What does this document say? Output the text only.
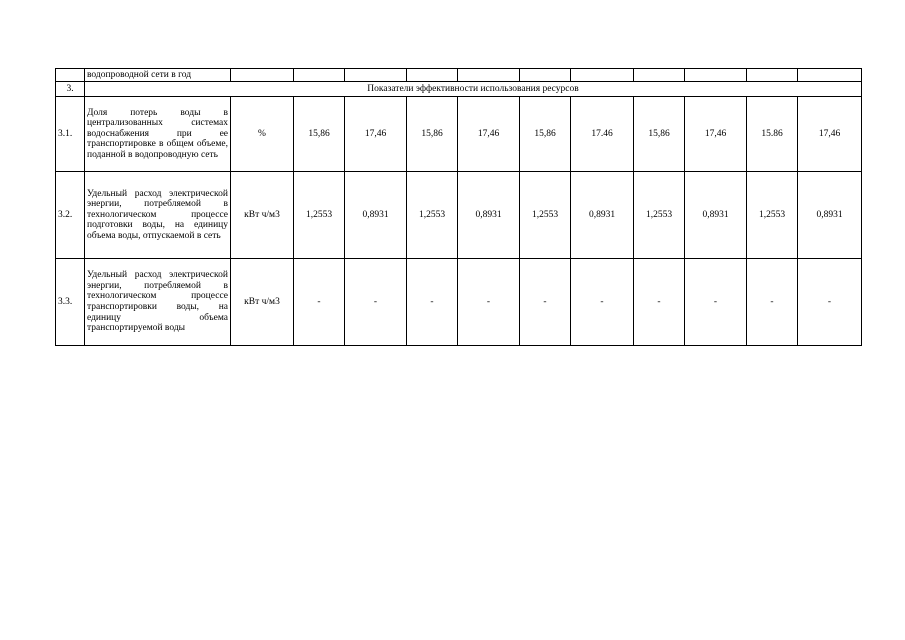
	водопроводной сети в год											

3.	Показатели эффективности использования ресурсов											
3.1.	Доля потерь воды в централизованных системах водоснабжения при ее транспортировке в общем объеме, поданной в водопроводную сеть	%	15,86	17,46	15,86	17,46	15,86	17.46	15,86	17,46	15.86	17,46
3.2.	Удельный расход электрической энергии, потребляемой в технологическом процессе подготовки воды, на единицу объема воды, отпускаемой в сеть	кВт ч/м3	1,2553	0,8931	1,2553	0,8931	1,2553	0,8931	1,2553	0,8931	1,2553	0,8931
3.3.	Удельный расход электрической энергии, потребляемой в технологическом процессе транспортировки воды, на единицу объема транспортируемой воды	кВт ч/м3	-	-	-	-	-	-	-	-	-	-
